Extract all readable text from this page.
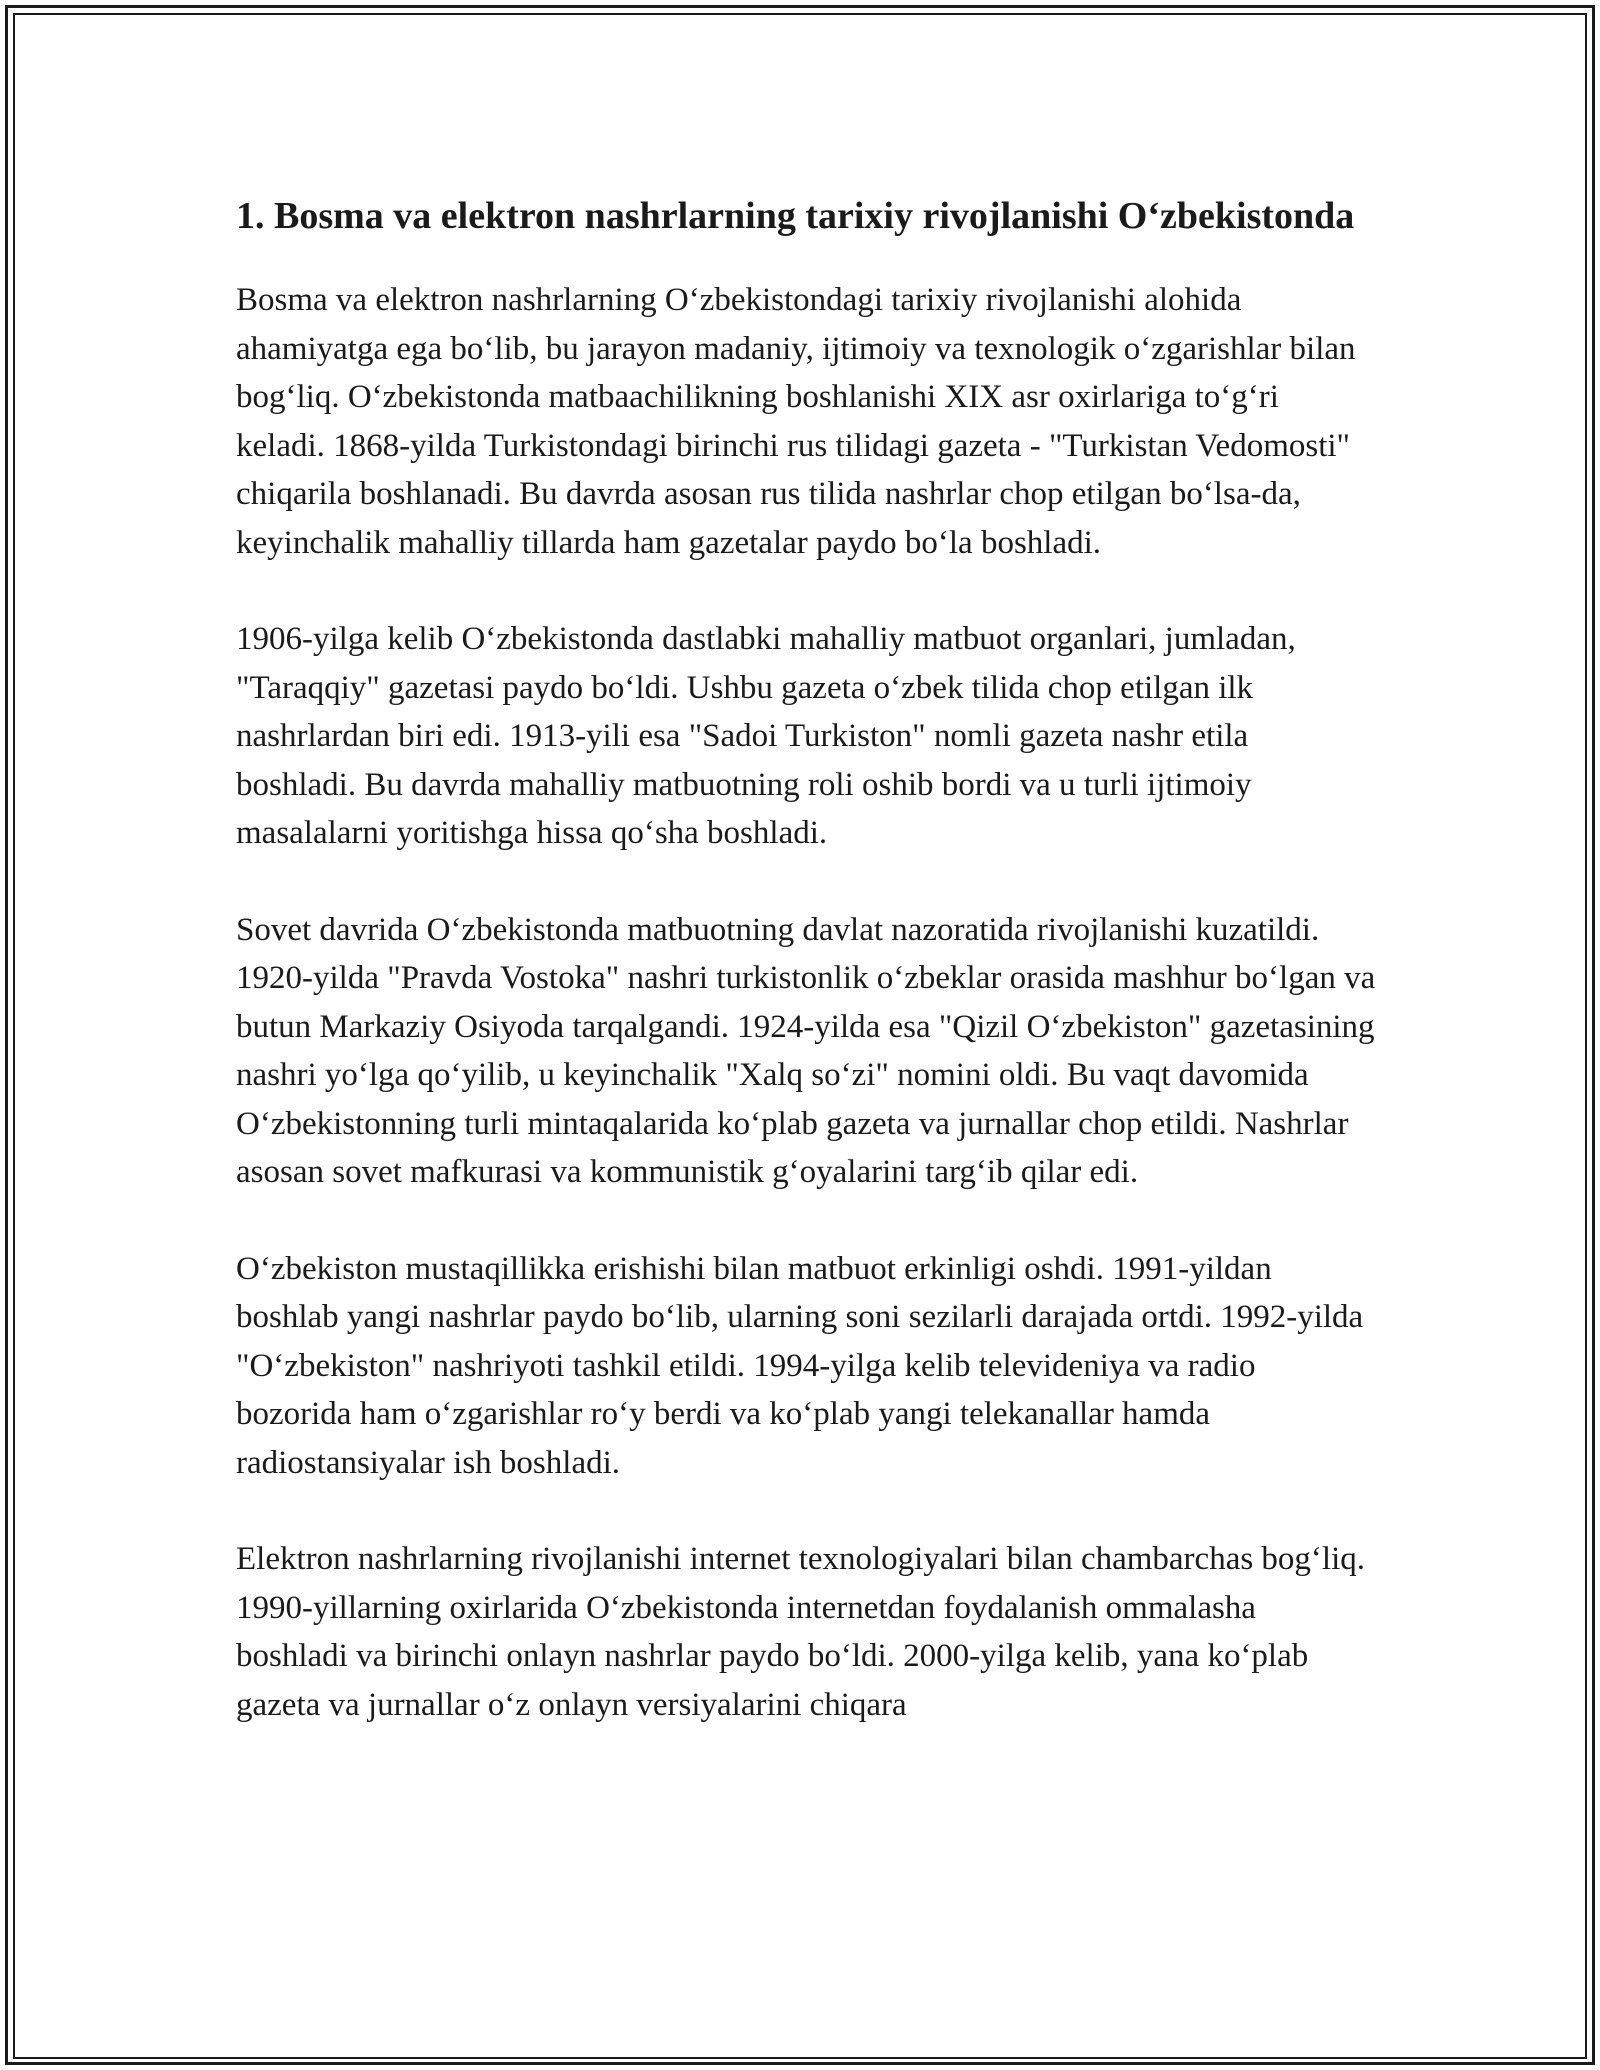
1. Bosma va elektron nashrlarning tarixiy rivojlanishi O‘zbekistonda

Bosma va elektron nashrlarning O‘zbekistondagi tarixiy rivojlanishi alohida ahamiyatga ega bo‘lib, bu jarayon madaniy, ijtimoiy va texnologik o‘zgarishlar bilan bog‘liq. O‘zbekistonda matbaachilikning boshlanishi XIX asr oxirlariga to‘g‘ri keladi. 1868-yilda Turkistondagi birinchi rus tilidagi gazeta - "Turkistan Vedomosti" chiqarila boshlanadi. Bu davrda asosan rus tilida nashrlar chop etilgan bo‘lsa-da, keyinchalik mahalliy tillarda ham gazetalar paydo bo‘la boshladi.

1906-yilga kelib O‘zbekistonda dastlabki mahalliy matbuot organlari, jumladan, "Taraqqiy" gazetasi paydo bo‘ldi. Ushbu gazeta o‘zbek tilida chop etilgan ilk nashrlardan biri edi. 1913-yili esa "Sadoi Turkiston" nomli gazeta nashr etila boshladi. Bu davrda mahalliy matbuotning roli oshib bordi va u turli ijtimoiy masalalarni yoritishga hissa qo‘sha boshladi.

Sovet davrida O‘zbekistonda matbuotning davlat nazoratida rivojlanishi kuzatildi. 1920-yilda "Pravda Vostoka" nashri turkistonlik o‘zbeklar orasida mashhur bo‘lgan va butun Markaziy Osiyoda tarqalgandi. 1924-yilda esa "Qizil O‘zbekiston" gazetasining nashri yo‘lga qo‘yilib, u keyinchalik "Xalq so‘zi" nomini oldi. Bu vaqt davomida O‘zbekistonning turli mintaqalarida ko‘plab gazeta va jurnallar chop etildi. Nashrlar asosan sovet mafkurasi va kommunistik g‘oyalarini targ‘ib qilar edi.

O‘zbekiston mustaqillikka erishishi bilan matbuot erkinligi oshdi. 1991-yildan boshlab yangi nashrlar paydo bo‘lib, ularning soni sezilarli darajada ortdi. 1992-yilda "O‘zbekiston" nashriyoti tashkil etildi. 1994-yilga kelib televideniya va radio bozorida ham o‘zgarishlar ro‘y berdi va ko‘plab yangi telekanallar hamda radiostansiyalar ish boshladi.

Elektron nashrlarning rivojlanishi internet texnologiyalari bilan chambarchas bog‘liq. 1990-yillarning oxirlarida O‘zbekistonda internetdan foydalanish ommalasha boshladi va birinchi onlayn nashrlar paydo bo‘ldi. 2000-yilga kelib, yana ko‘plab gazeta va jurnallar o‘z onlayn versiyalarini chiqara
